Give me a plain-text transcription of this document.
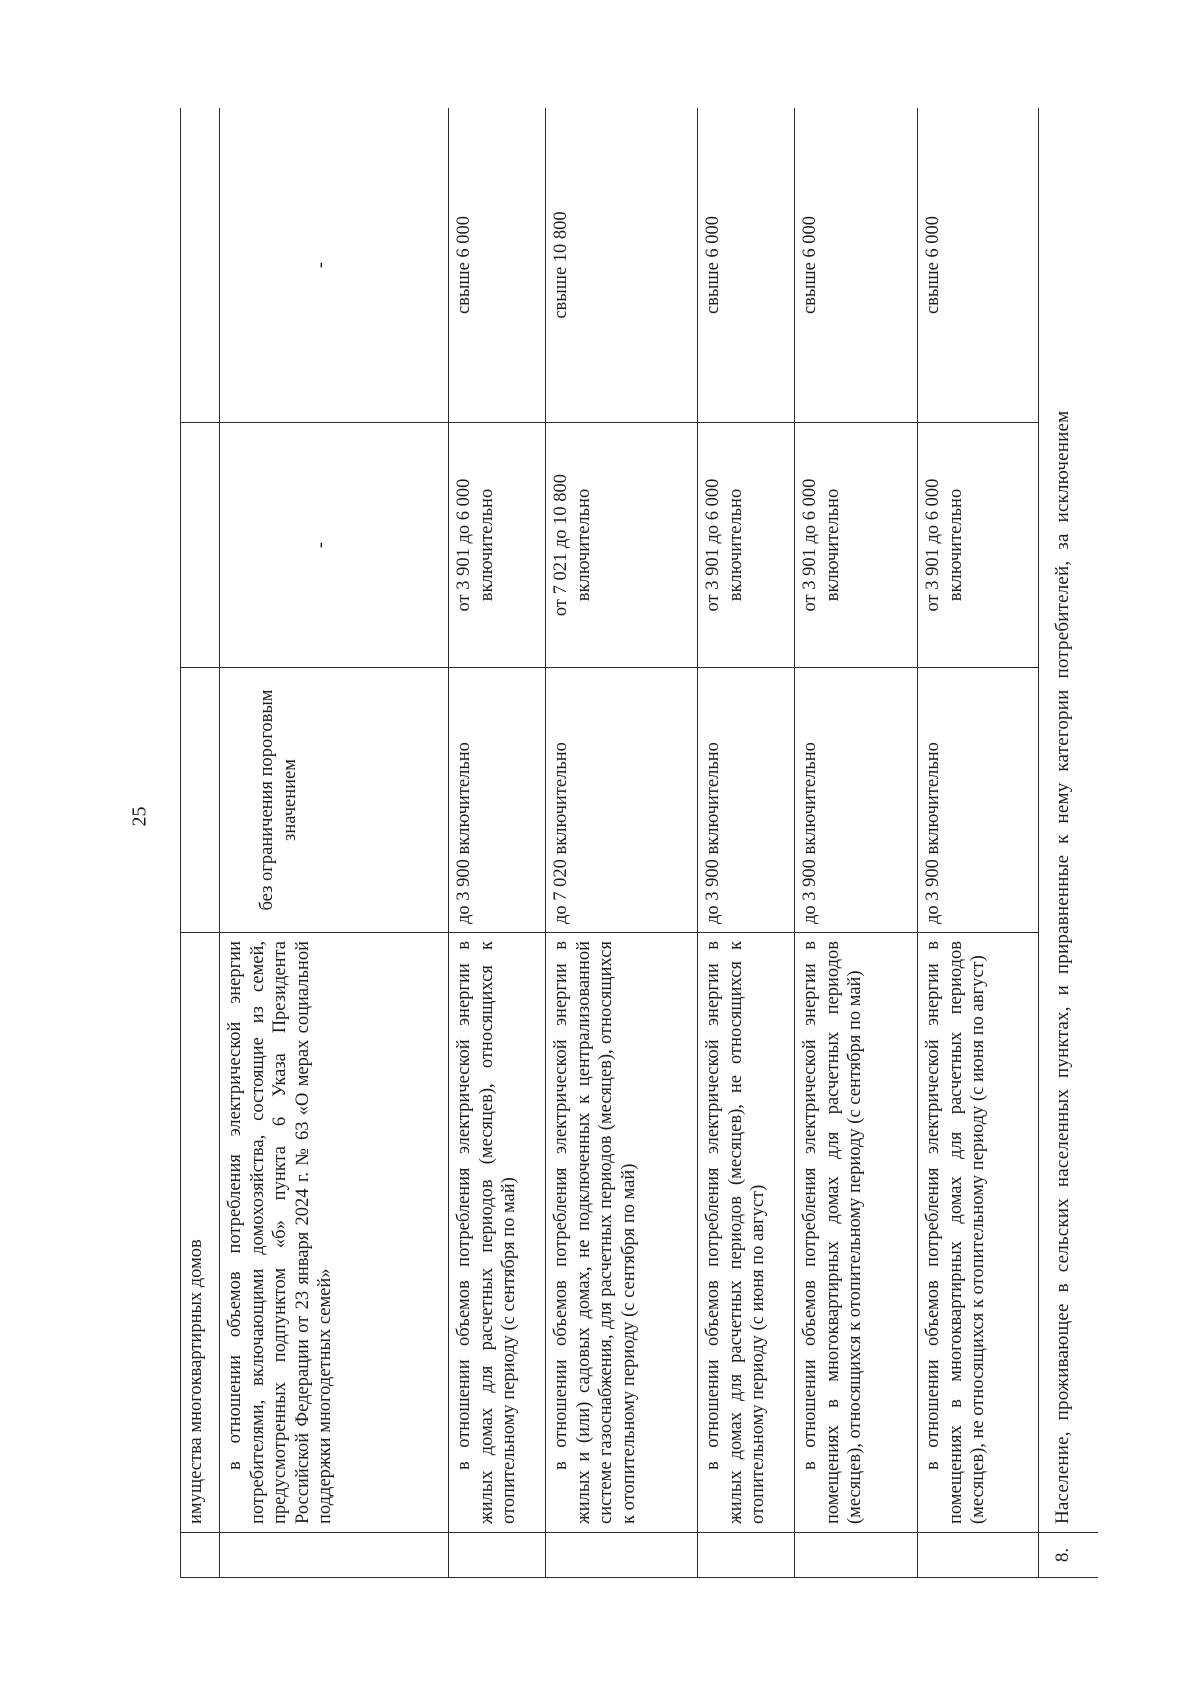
25
	имущества многоквартирных домов			
	в отношении объемов потребления электрической энергии потребителями, включающими домохозяйства, состоящие из семей, предусмотренных подпунктом «б» пункта 6 Указа Президента Российской Федерации от 23 января 2024 г. № 63 «О мерах социальной поддержки многодетных семей»	без ограничения пороговым значением	-	-
	в отношении объемов потребления электрической энергии в жилых домах для расчетных периодов (месяцев), относящихся к отопительному периоду (с сентября по май)	до 3 900 включительно	от 3 901 до 6 000 включительно	свыше 6 000
	в отношении объемов потребления электрической энергии в жилых и (или) садовых домах, не подключенных к централизованной системе газоснабжения, для расчетных периодов (месяцев), относящихся к отопительному периоду (с сентября по май)	до 7 020 включительно	от 7 021 до 10 800 включительно	свыше 10 800
	в отношении объемов потребления электрической энергии в жилых домах для расчетных периодов (месяцев), не относящихся к отопительному периоду (с июня по август)	до 3 900 включительно	от 3 901 до 6 000 включительно	свыше 6 000
	в отношении объемов потребления электрической энергии в помещениях в многоквартирных домах для расчетных периодов (месяцев), относящихся к отопительному периоду (с сентября по май)	до 3 900 включительно	от 3 901 до 6 000 включительно	свыше 6 000
	в отношении объемов потребления электрической энергии в помещениях в многоквартирных домах для расчетных периодов (месяцев), не относящихся к отопительному периоду (с июня по август)	до 3 900 включительно	от 3 901 до 6 000 включительно	свыше 6 000
8.	Население, проживающее в сельских населенных пунктах, и приравненные к нему категории потребителей, за исключением			
